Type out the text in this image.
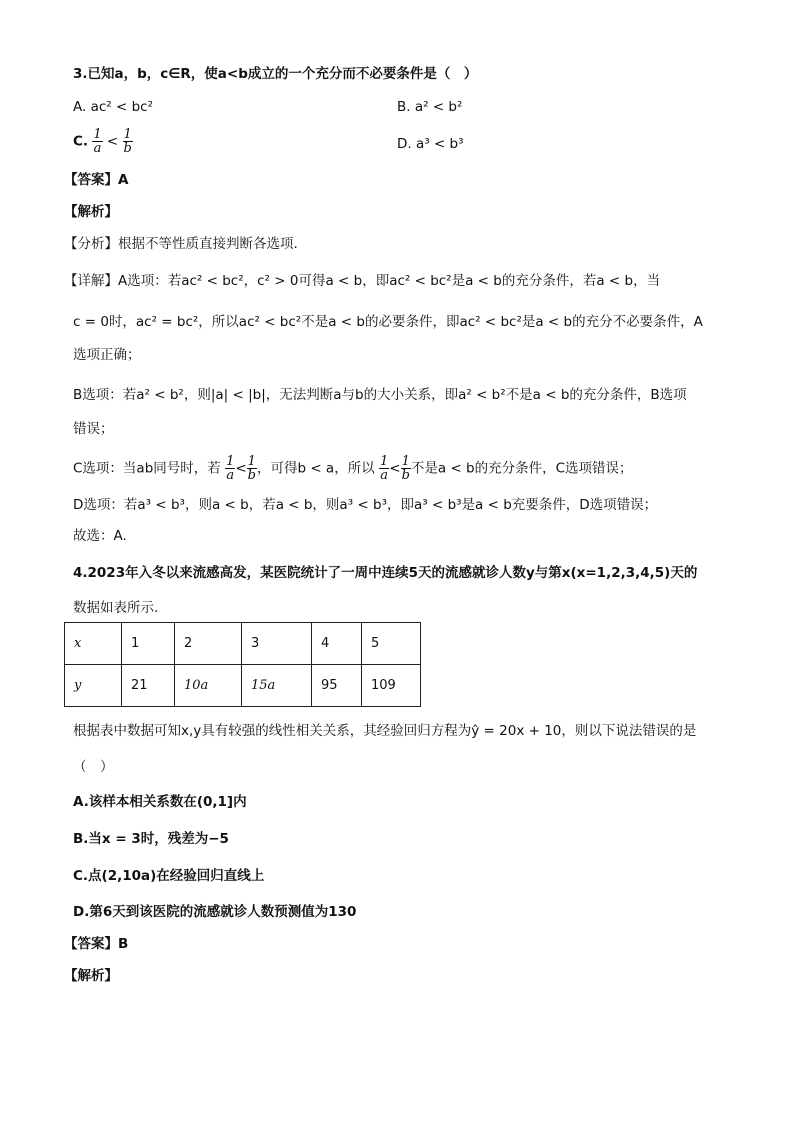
3.已知a，b，c∈R，使a<b成立的一个充分而不必要条件是（　）
A. ac² < bc²	B. a² < b²
C. $\frac{1}{a} < \frac{1}{b}$	D. a³ < b³
【答案】A
【解析】
【分析】根据不等性质直接判断各选项.
【详解】A选项：若ac² < bc²，c² > 0可得a < b，即ac² < bc²是a < b的充分条件，若a < b，当
c = 0时，ac² = bc²，所以ac² < bc²不是a < b的必要条件，即ac² < bc²是a < b的充分不必要条件，A
选项正确；
B选项：若a² < b²，则|a| < |b|，无法判断a与b的大小关系，即a² < b²不是a < b的充分条件，B选项
错误；
C选项：当ab同号时，若 $\frac{1}{a} < \frac{1}{b}$ ，可得b < a，所以 $\frac{1}{a} < \frac{1}{b}$ 不是a < b的充分条件，C选项错误；
D选项：若a³ < b³，则a < b，若a < b，则a³ < b³，即a³ < b³是a < b充要条件，D选项错误；
故选：A.
4.2023年入冬以来流感高发，某医院统计了一周中连续5天的流感就诊人数y与第x(x=1,2,3,4,5)天的
数据如表所示.
x	1	2	3	4	5
y	21	10a	15a	95	109
根据表中数据可知x,y具有较强的线性相关关系，其经验回归方程为ŷ = 20x + 10，则以下说法错误的是
（　）
A.该样本相关系数在(0,1]内
B.当x = 3时，残差为−5
C.点(2,10a)在经验回归直线上
D.第6天到该医院的流感就诊人数预测值为130
【答案】B
【解析】
